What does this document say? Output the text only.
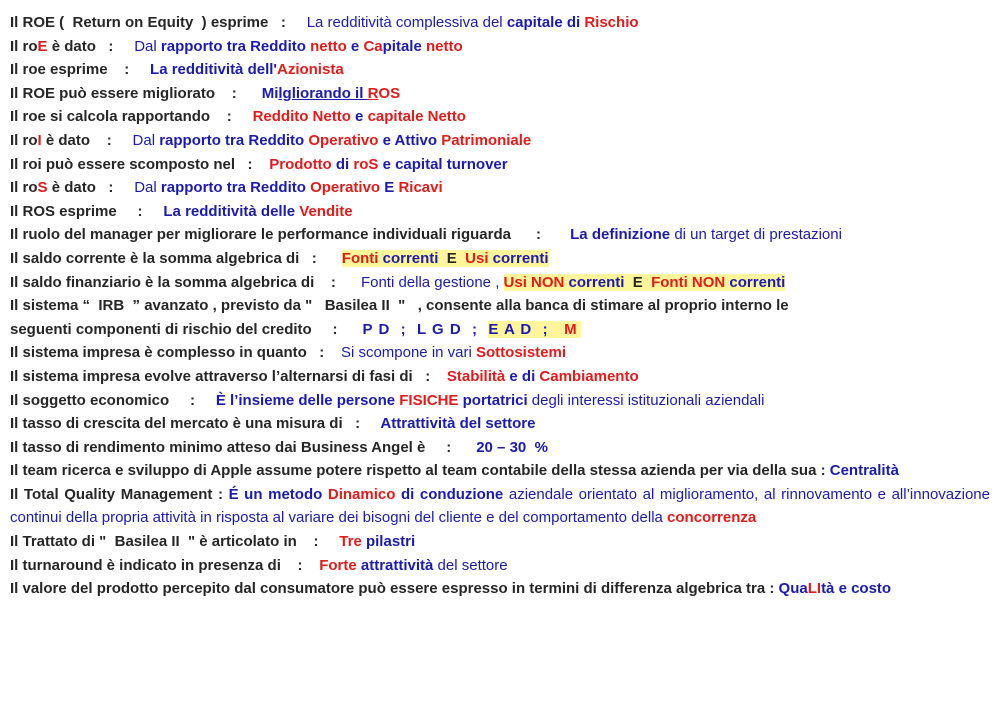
Il ROE (  Return on Equity  ) esprime   :     La redditività complessiva del capitale di Rischio
Il roE è dato   :     Dal rapporto tra Reddito netto e Capitale netto
Il roe esprime    :     La redditività dell'Azionista
Il ROE può essere migliorato    :      Milgliorando il ROS
Il roe si calcola rapportando    :     Reddito Netto e capitale Netto
Il roI è dato    :     Dal rapporto tra Reddito Operativo e Attivo Patrimoniale
Il roi può essere scomposto nel   :    Prodotto di roS e capital turnover
Il roS è dato   :     Dal rapporto tra Reddito Operativo E Ricavi
Il ROS esprime     :     La redditività delle Vendite
Il ruolo del manager per migliorare le performance individuali riguarda      :       La definizione di un target di prestazioni
Il saldo corrente è la somma algebrica di   :      Fonti correnti  E Usi correnti
Il saldo finanziario è la somma algebrica di    :      Fonti della gestione , Usi NON correnti  E Fonti NON correnti
Il sistema “  IRB  ” avanzato , previsto da "   Basilea II  "   , consente alla banca di stimare al proprio interno le
seguenti componenti di rischio del credito     :      P D  ;  L G D  ;  E A D  ;   M
Il sistema impresa è complesso in quanto   :    Si scompone in vari Sottosistemi
Il sistema impresa evolve attraverso l’alternarsi di fasi di   :    Stabilità e di Cambiamento
Il soggetto economico     :     È l’insieme delle persone FISICHE portatrici degli interessi istituzionali aziendali
Il tasso di crescita del mercato è una misura di   :     Attrattività del settore
Il tasso di rendimento minimo atteso dai Business Angel è     :      20 – 30  %
Il team ricerca e sviluppo di Apple assume potere rispetto al team contabile della stessa azienda per via della sua : Centralità
Il Total Quality Management : É un metodo Dinamico di conduzione aziendale orientato al miglioramento, al rinnovamento e all’innovazione continui della propria attività in risposta al variare dei bisogni del cliente e del comportamento della concorrenza
Il Trattato di "  Basilea II  " è articolato in    :     Tre pilastri
Il turnaround è indicato in presenza di    :    Forte attrattività del settore
Il valore del prodotto percepito dal consumatore può essere espresso in termini di differenza algebrica tra : QuaLItà e costo
